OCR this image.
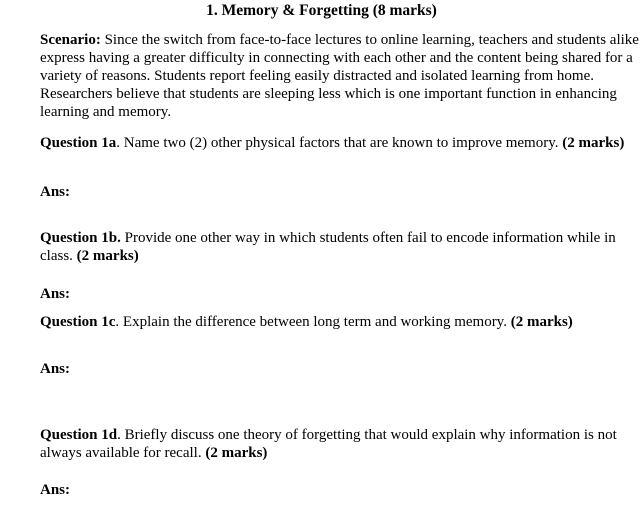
1. Memory & Forgetting (8 marks)
Scenario: Since the switch from face-to-face lectures to online learning, teachers and students alike express having a greater difficulty in connecting with each other and the content being shared for a variety of reasons. Students report feeling easily distracted and isolated learning from home. Researchers believe that students are sleeping less which is one important function in enhancing learning and memory.
Question 1a. Name two (2) other physical factors that are known to improve memory. (2 marks)
Ans:
Question 1b. Provide one other way in which students often fail to encode information while in class. (2 marks)
Ans:
Question 1c. Explain the difference between long term and working memory. (2 marks)
Ans:
Question 1d. Briefly discuss one theory of forgetting that would explain why information is not always available for recall. (2 marks)
Ans:
